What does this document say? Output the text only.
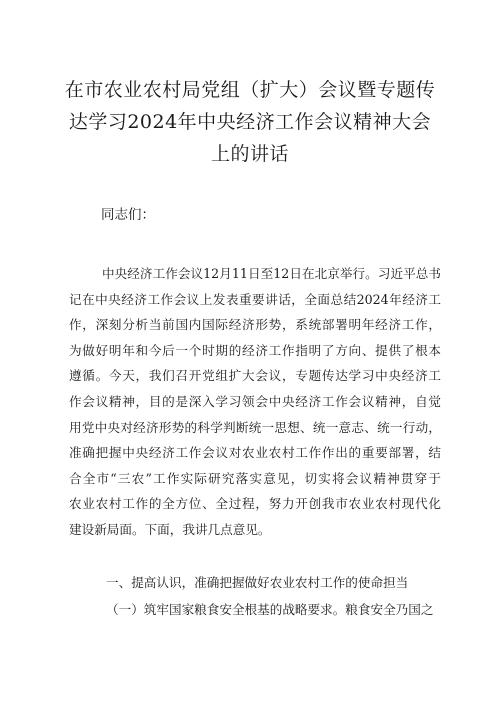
在市农业农村局党组（扩大）会议暨专题传
达学习2024年中央经济工作会议精神大会
上的讲话
同志们：
中央经济工作会议12月11日至12日在北京举行。习近平总书
记在中央经济工作会议上发表重要讲话，全面总结2024年经济工
作，深刻分析当前国内国际经济形势，系统部署明年经济工作，
为做好明年和今后一个时期的经济工作指明了方向、提供了根本
遵循。今天，我们召开党组扩大会议，专题传达学习中央经济工
作会议精神，目的是深入学习领会中央经济工作会议精神，自觉
用党中央对经济形势的科学判断统一思想、统一意志、统一行动，
准确把握中央经济工作会议对农业农村工作作出的重要部署，结
合全市“三农”工作实际研究落实意见，切实将会议精神贯穿于
农业农村工作的全方位、全过程，努力开创我市农业农村现代化
建设新局面。下面，我讲几点意见。
一、提高认识，准确把握做好农业农村工作的使命担当
（一）筑牢国家粮食安全根基的战略要求。粮食安全乃国之
